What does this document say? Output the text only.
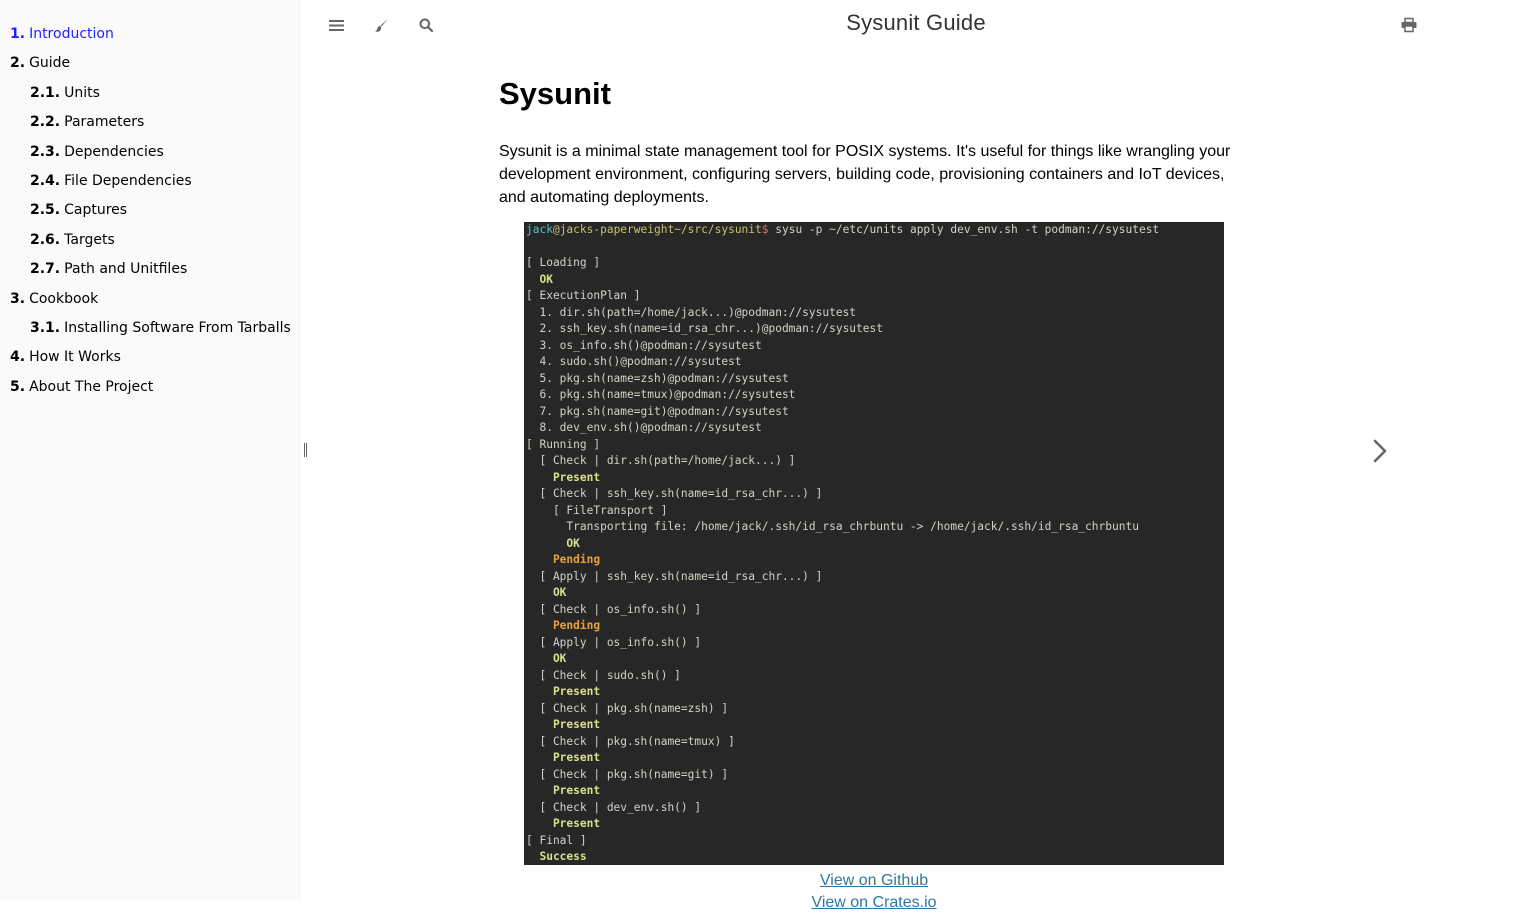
1. Introduction
2. Guide
2.1. Units
2.2. Parameters
2.3. Dependencies
2.4. File Dependencies
2.5. Captures
2.6. Targets
2.7. Path and Unitfiles
3. Cookbook
3.1. Installing Software From Tarballs
4. How It Works
5. About The Project
Sysunit Guide
Sysunit

Sysunit is a minimal state management tool for POSIX systems. It's useful for things like wrangling your development environment, configuring servers, building code, provisioning containers and IoT devices, and automating deployments.

jack@jacks-paperweight~/src/sysunit$ sysu -p ~/etc/units apply dev_env.sh -t podman://sysutest
[ Loading ]
OK
[ ExecutionPlan ]
1. dir.sh(path=/home/jack...)@podman://sysutest
2. ssh_key.sh(name=id_rsa_chr...)@podman://sysutest
3. os_info.sh()@podman://sysutest
4. sudo.sh()@podman://sysutest
5. pkg.sh(name=zsh)@podman://sysutest
6. pkg.sh(name=tmux)@podman://sysutest
7. pkg.sh(name=git)@podman://sysutest
8. dev_env.sh()@podman://sysutest
[ Running ]
[ Check | dir.sh(path=/home/jack...) ]
Present
[ Check | ssh_key.sh(name=id_rsa_chr...) ]
[ FileTransport ]
Transporting file: /home/jack/.ssh/id_rsa_chrbuntu -> /home/jack/.ssh/id_rsa_chrbuntu
OK
Pending
[ Apply | ssh_key.sh(name=id_rsa_chr...) ]
OK
[ Check | os_info.sh() ]
Pending
[ Apply | os_info.sh() ]
OK
[ Check | sudo.sh() ]
Present
[ Check | pkg.sh(name=zsh) ]
Present
[ Check | pkg.sh(name=tmux) ]
Present
[ Check | pkg.sh(name=git) ]
Present
[ Check | dev_env.sh() ]
Present
[ Final ]
Success
View on Github
View on Crates.io
